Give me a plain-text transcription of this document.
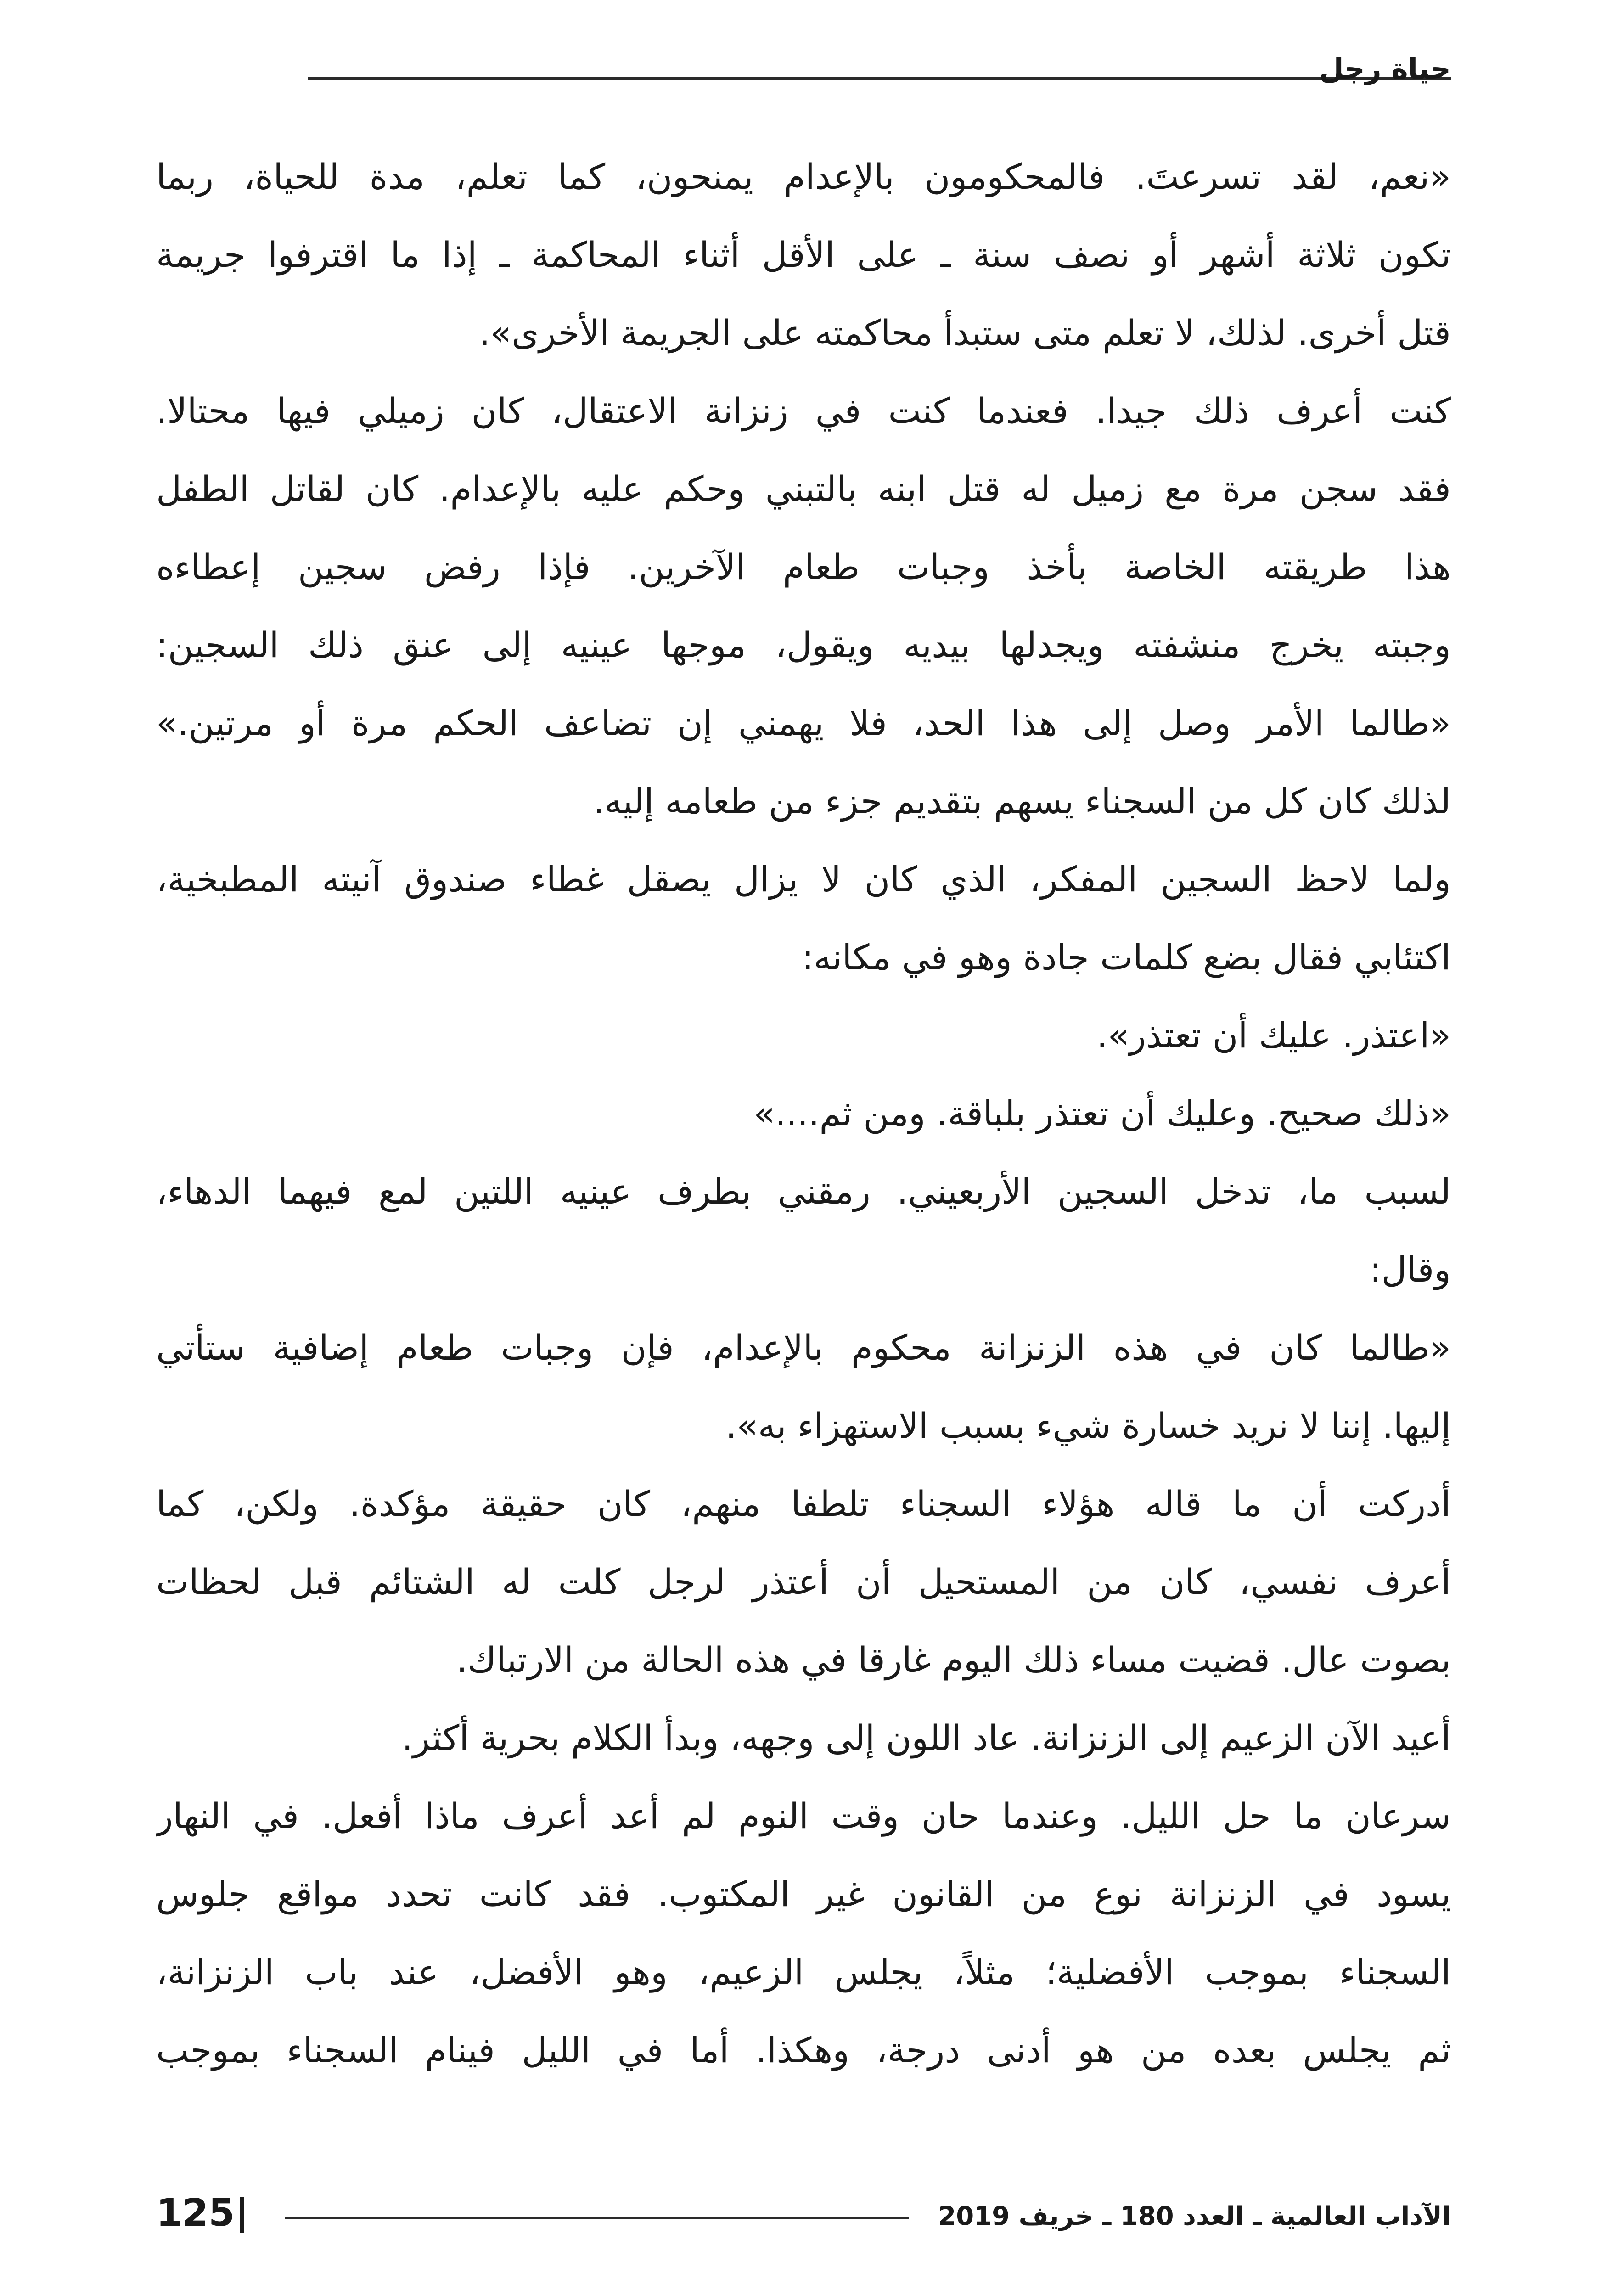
حياة رجل
«نعم، لقد تسرعتَ. فالمحكومون بالإعدام يمنحون، كما تعلم، مدة للحياة، ربما
تكون ثلاثة أشهر أو نصف سنة ـ على الأقل أثناء المحاكمة ـ إذا ما اقترفوا جريمة
قتل أخرى. لذلك، لا تعلم متى ستبدأ محاكمته على الجريمة الأخرى».
كنت أعرف ذلك جيدا. فعندما كنت في زنزانة الاعتقال، كان زميلي فيها محتالا.
فقد سجن مرة مع زميل له قتل ابنه بالتبني وحكم عليه بالإعدام. كان لقاتل الطفل
هذا طريقته الخاصة بأخذ وجبات طعام الآخرين. فإذا رفض سجين إعطاءه
وجبته يخرج منشفته ويجدلها بيديه ويقول، موجها عينيه إلى عنق ذلك السجين:
«طالما الأمر وصل إلى هذا الحد، فلا يهمني إن تضاعف الحكم مرة أو مرتين.»
لذلك كان كل من السجناء يسهم بتقديم جزء من طعامه إليه.
ولما لاحظ السجين المفكر، الذي كان لا يزال يصقل غطاء صندوق آنيته المطبخية،
اكتئابي فقال بضع كلمات جادة وهو في مكانه:
«اعتذر. عليك أن تعتذر».
«ذلك صحيح. وعليك أن تعتذر بلباقة. ومن ثم....»
لسبب ما، تدخل السجين الأربعيني. رمقني بطرف عينيه اللتين لمع فيهما الدهاء،
وقال:
«طالما كان في هذه الزنزانة محكوم بالإعدام، فإن وجبات طعام إضافية ستأتي
إليها. إننا لا نريد خسارة شيء بسبب الاستهزاء به».
أدركت أن ما قاله هؤلاء السجناء تلطفا منهم، كان حقيقة مؤكدة. ولكن، كما
أعرف نفسي، كان من المستحيل أن أعتذر لرجل كلت له الشتائم قبل لحظات
بصوت عال. قضيت مساء ذلك اليوم غارقا في هذه الحالة من الارتباك.
أعيد الآن الزعيم إلى الزنزانة. عاد اللون إلى وجهه، وبدأ الكلام بحرية أكثر.
سرعان ما حل الليل. وعندما حان وقت النوم لم أعد أعرف ماذا أفعل. في النهار
يسود في الزنزانة نوع من القانون غير المكتوب. فقد كانت تحدد مواقع جلوس
السجناء بموجب الأفضلية؛ مثلاً، يجلس الزعيم، وهو الأفضل، عند باب الزنزانة،
ثم يجلس بعده من هو أدنى درجة، وهكذا. أما في الليل فينام السجناء بموجب
الآداب العالمية ـ العدد 180 ـ خريف 2019
125
